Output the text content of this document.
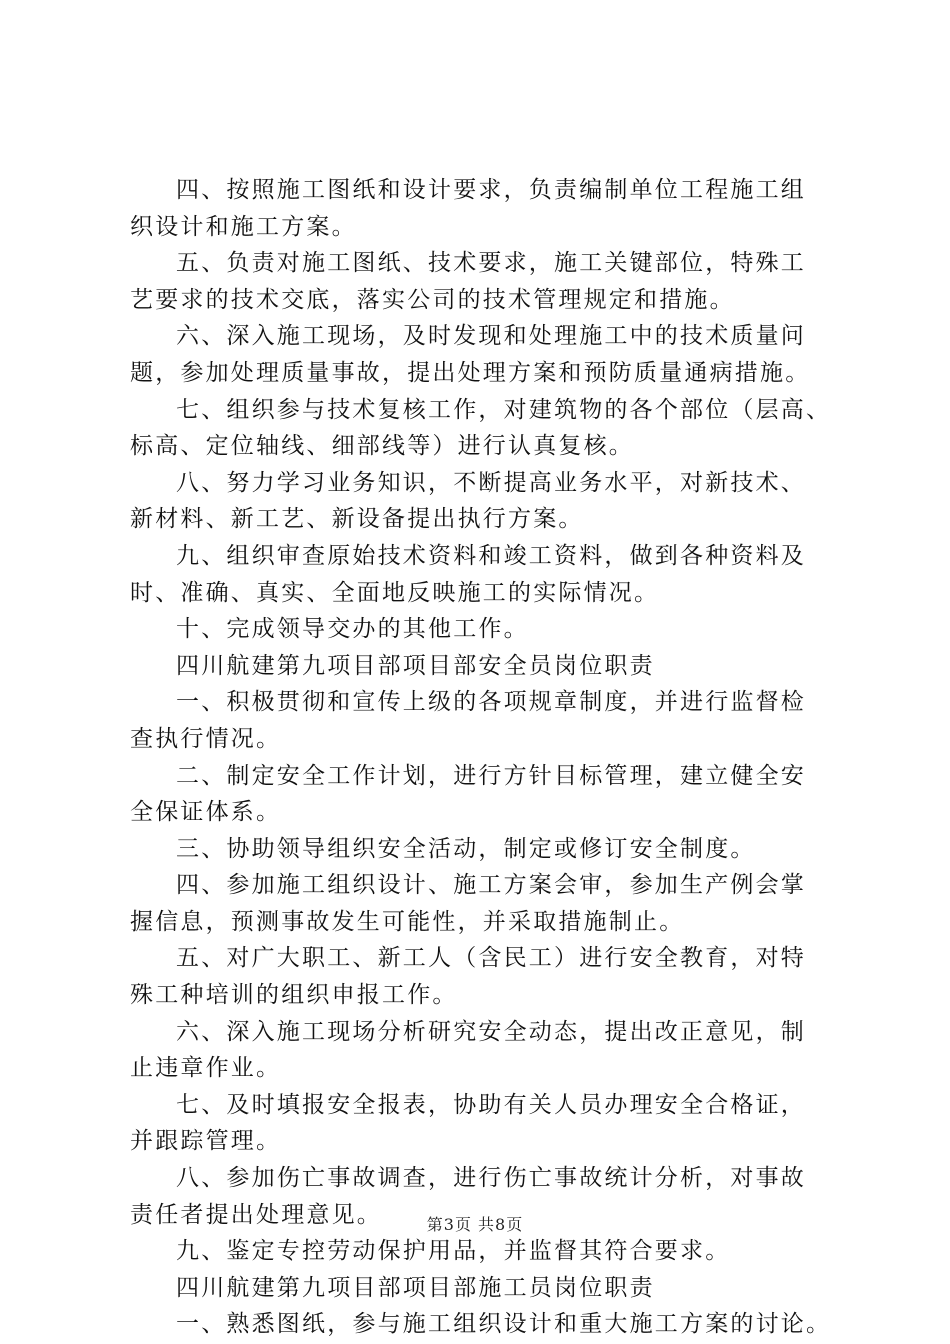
四、按照施工图纸和设计要求，负责编制单位工程施工组
织设计和施工方案。
五、负责对施工图纸、技术要求，施工关键部位，特殊工
艺要求的技术交底，落实公司的技术管理规定和措施。
六、深入施工现场，及时发现和处理施工中的技术质量问
题，参加处理质量事故，提出处理方案和预防质量通病措施。
七、组织参与技术复核工作，对建筑物的各个部位（层高、
标高、定位轴线、细部线等）进行认真复核。
八、努力学习业务知识，不断提高业务水平，对新技术、
新材料、新工艺、新设备提出执行方案。
九、组织审查原始技术资料和竣工资料，做到各种资料及
时、准确、真实、全面地反映施工的实际情况。
十、完成领导交办的其他工作。
四川航建第九项目部项目部安全员岗位职责
一、积极贯彻和宣传上级的各项规章制度，并进行监督检
查执行情况。
二、制定安全工作计划，进行方针目标管理，建立健全安
全保证体系。
三、协助领导组织安全活动，制定或修订安全制度。
四、参加施工组织设计、施工方案会审，参加生产例会掌
握信息，预测事故发生可能性，并采取措施制止。
五、对广大职工、新工人（含民工）进行安全教育，对特
殊工种培训的组织申报工作。
六、深入施工现场分析研究安全动态，提出改正意见，制
止违章作业。
七、及时填报安全报表，协助有关人员办理安全合格证，
并跟踪管理。
八、参加伤亡事故调查，进行伤亡事故统计分析，对事故
责任者提出处理意见。
九、鉴定专控劳动保护用品，并监督其符合要求。
四川航建第九项目部项目部施工员岗位职责
一、熟悉图纸，参与施工组织设计和重大施工方案的讨论。
第3页 共8页
